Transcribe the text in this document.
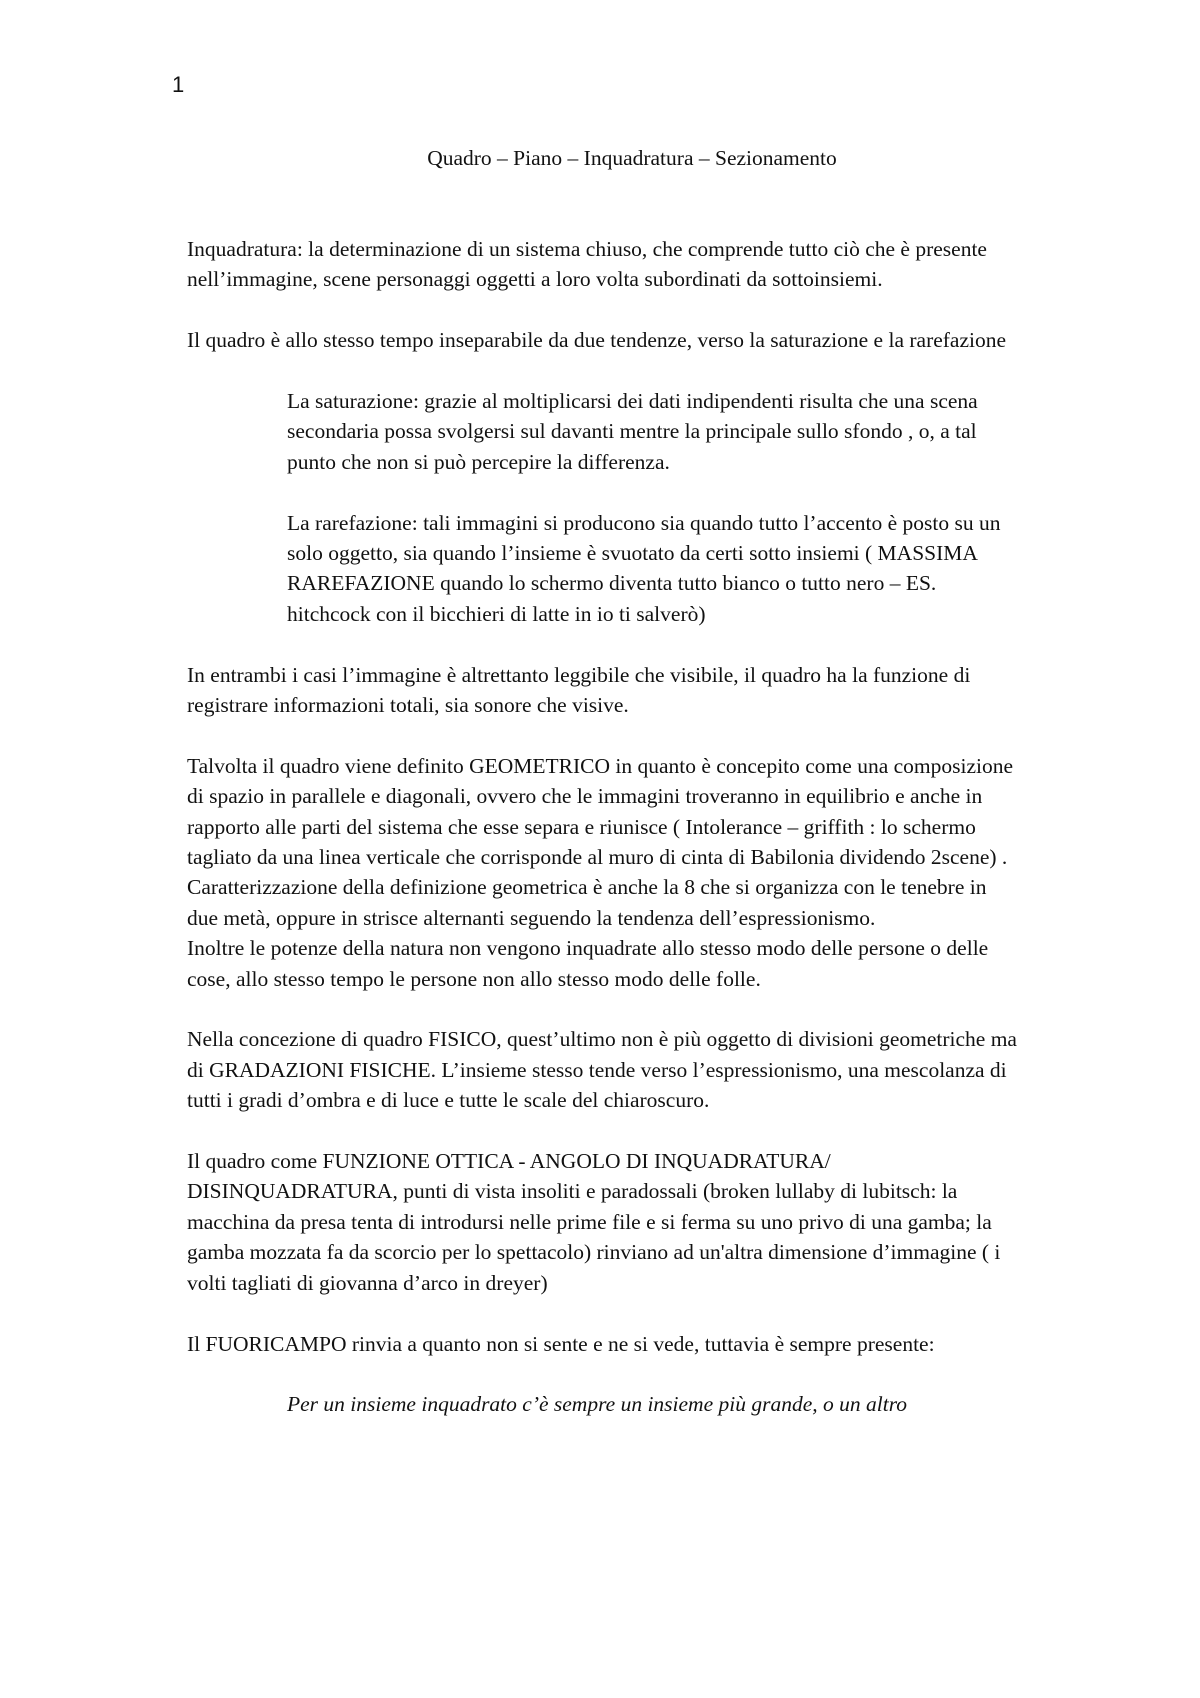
1
Quadro – Piano – Inquadratura – Sezionamento

Inquadratura: la determinazione di un sistema chiuso, che comprende tutto ciò che è presente nell’immagine, scene personaggi oggetti a loro volta subordinati da sottoinsiemi.

Il quadro è allo stesso tempo inseparabile da due tendenze, verso la saturazione e la rarefazione

La saturazione: grazie al moltiplicarsi dei dati indipendenti risulta che una scena secondaria possa svolgersi sul davanti mentre la principale sullo sfondo , o, a tal punto che non si può percepire la differenza.

La rarefazione: tali immagini si producono sia quando tutto l’accento è posto su un solo oggetto, sia quando l’insieme è svuotato da certi sotto insiemi ( MASSIMA RAREFAZIONE quando lo schermo diventa tutto bianco o tutto nero – ES. hitchcock con il bicchieri di latte in io ti salverò)

In entrambi i casi l’immagine è altrettanto leggibile che visibile, il quadro ha la funzione di registrare informazioni totali, sia sonore che visive.

Talvolta il quadro viene definito GEOMETRICO in quanto è concepito come una composizione di spazio in parallele e diagonali, ovvero che le immagini troveranno in equilibrio e anche in rapporto alle parti del sistema che esse separa e riunisce ( Intolerance – griffith : lo schermo tagliato da una linea verticale che corrisponde al muro di cinta di Babilonia dividendo 2scene) . Caratterizzazione della definizione geometrica è anche la 8 che si organizza con le tenebre in due metà, oppure in strisce alternanti seguendo la tendenza dell’espressionismo.

Inoltre le potenze della natura non vengono inquadrate allo stesso modo delle persone o delle cose, allo stesso tempo le persone non allo stesso modo delle folle.

Nella concezione di quadro FISICO, quest’ultimo non è più oggetto di divisioni geometriche ma di GRADAZIONI FISICHE. L’insieme stesso tende verso l’espressionismo, una mescolanza di tutti i gradi d’ombra e di luce e tutte le scale del chiaroscuro.

Il quadro come FUNZIONE OTTICA - ANGOLO DI INQUADRATURA/ DISINQUADRATURA, punti di vista insoliti e paradossali (broken lullaby di lubitsch: la macchina da presa tenta di introdursi nelle prime file e si ferma su uno privo di una gamba; la gamba mozzata fa da scorcio per lo spettacolo) rinviano ad un'altra dimensione d’immagine ( i volti tagliati di giovanna d’arco in dreyer)

Il FUORICAMPO rinvia a quanto non si sente e ne si vede, tuttavia è sempre presente:

Per un insieme inquadrato c’è sempre un insieme più grande, o un altro
